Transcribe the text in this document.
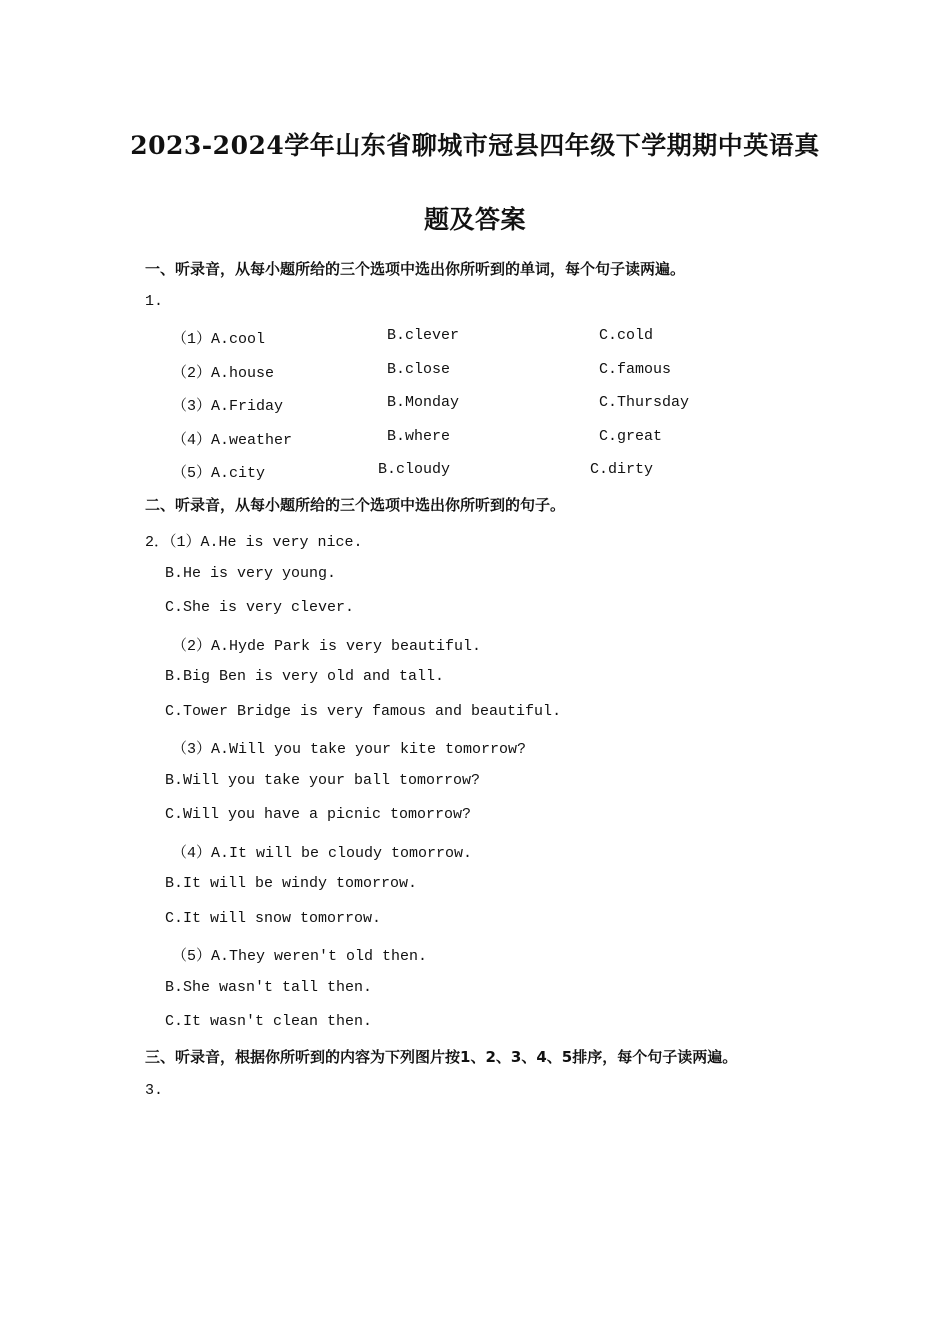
2023-2024学年山东省聊城市冠县四年级下学期期中英语真
题及答案
一、听录音，从每小题所给的三个选项中选出你所听到的单词，每个句子读两遍。
1.
（1）A.cool	B.clever	C.cold
（2）A.house	B.close	C.famous
（3）A.Friday	B.Monday	C.Thursday
（4）A.weather	B.where	C.great
（5）A.city	B.cloudy	C.dirty
二、听录音，从每小题所给的三个选项中选出你所听到的句子。
2．（1）A.He is very nice.
B.He is very young.
C.She is very clever.
（2）A.Hyde Park is very beautiful.
B.Big Ben is very old and tall.
C.Tower Bridge is very famous and beautiful.
（3）A.Will you take your kite tomorrow?
B.Will you take your ball tomorrow?
C.Will you have a picnic tomorrow?
（4）A.It will be cloudy tomorrow.
B.It will be windy tomorrow.
C.It will snow tomorrow.
（5）A.They weren't old then.
B.She wasn't tall then.
C.It wasn't clean then.
三、听录音，根据你所听到的内容为下列图片按1、2、3、4、5排序，每个句子读两遍。
3.
